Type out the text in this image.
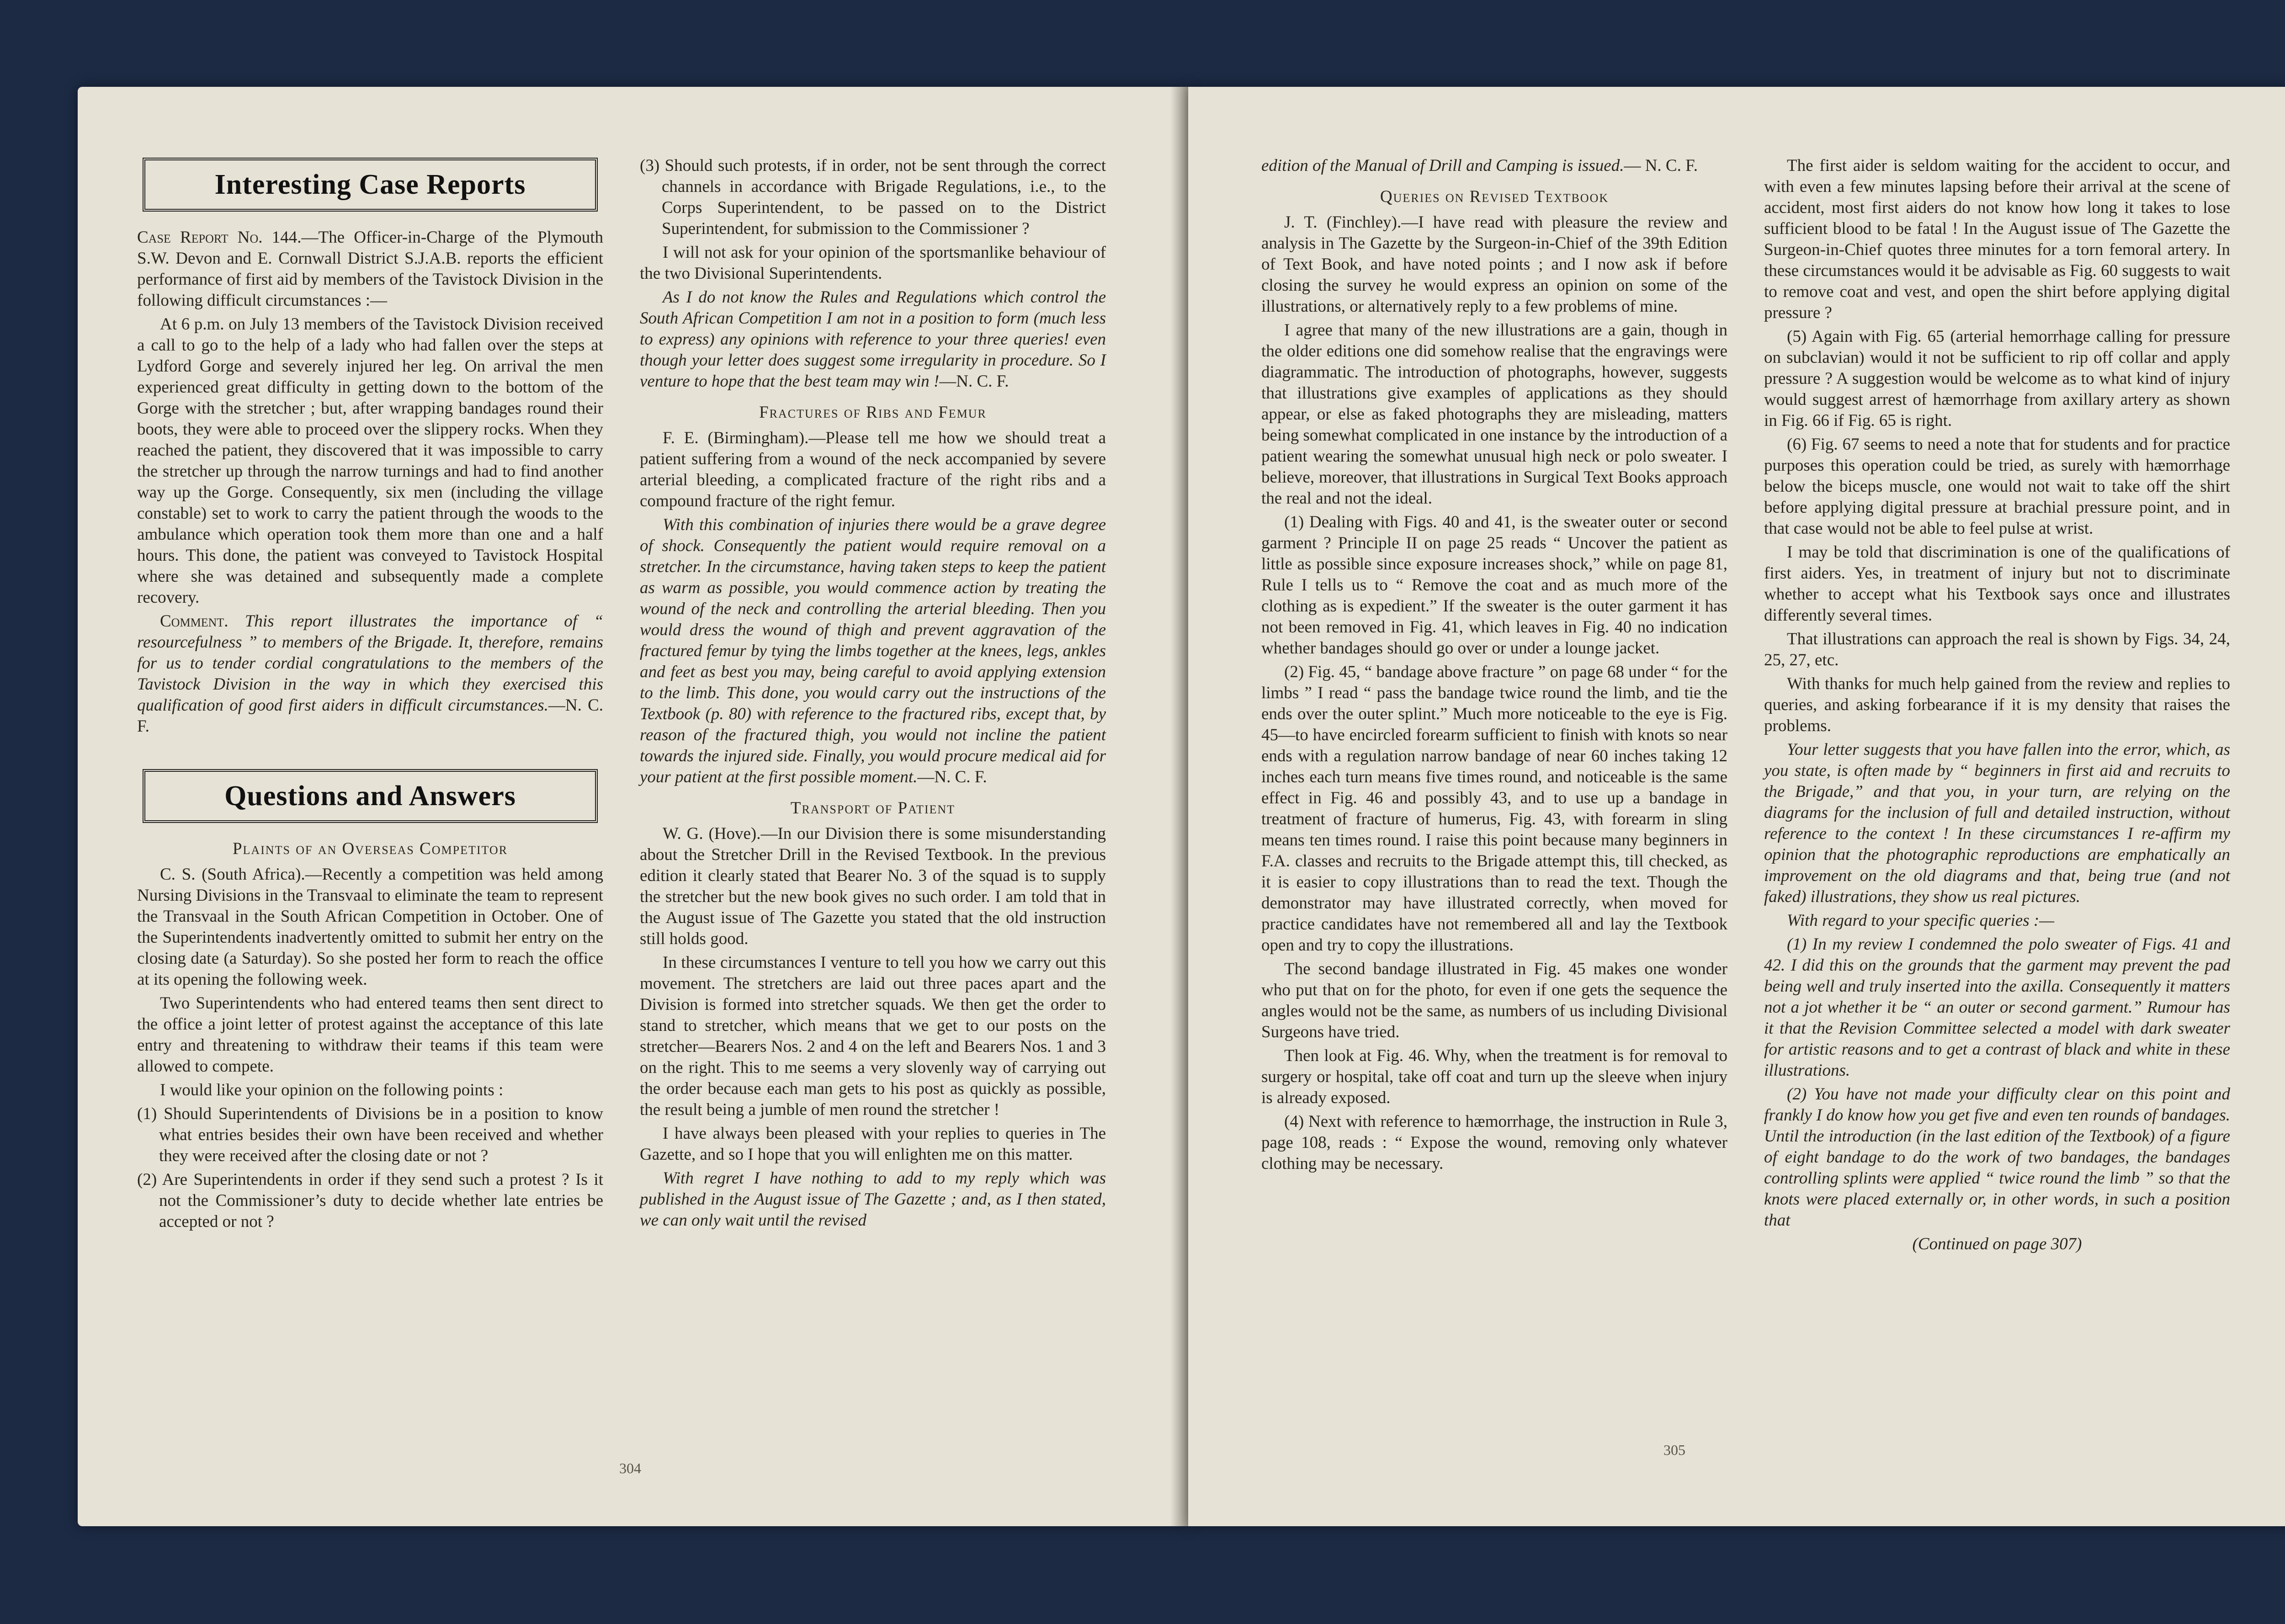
Interesting Case Reports

Case Report No. 144.—The Officer-in-Charge of the Plymouth S.W. Devon and E. Cornwall District S.J.A.B. reports the efficient performance of first aid by members of the Tavistock Division in the following difficult circumstances :—

At 6 p.m. on July 13 members of the Tavistock Division received a call to go to the help of a lady who had fallen over the steps at Lydford Gorge and severely injured her leg. On arrival the men experienced great difficulty in getting down to the bottom of the Gorge with the stretcher ; but, after wrapping bandages round their boots, they were able to proceed over the slippery rocks. When they reached the patient, they discovered that it was impossible to carry the stretcher up through the narrow turnings and had to find another way up the Gorge. Consequently, six men (including the village constable) set to work to carry the patient through the woods to the ambulance which operation took them more than one and a half hours. This done, the patient was conveyed to Tavistock Hospital where she was detained and subsequently made a complete recovery.

Comment. This report illustrates the importance of “ resourcefulness ” to members of the Brigade. It, therefore, remains for us to tender cordial congratulations to the members of the Tavistock Division in the way in which they exercised this qualification of good first aiders in difficult circumstances.—N. C. F.

Questions and Answers
Plaints of an Overseas Competitor

C. S. (South Africa).—Recently a competition was held among Nursing Divisions in the Transvaal to eliminate the team to represent the Transvaal in the South African Competition in October. One of the Superintendents inadvertently omitted to submit her entry on the closing date (a Saturday). So she posted her form to reach the office at its opening the following week.

Two Superintendents who had entered teams then sent direct to the office a joint letter of protest against the acceptance of this late entry and threatening to withdraw their teams if this team were allowed to compete.

I would like your opinion on the following points :

(1) Should Superintendents of Divisions be in a position to know what entries besides their own have been received and whether they were received after the closing date or not ?

(2) Are Superintendents in order if they send such a protest ? Is it not the Commissioner’s duty to decide whether late entries be accepted or not ?

(3) Should such protests, if in order, not be sent through the correct channels in accordance with Brigade Regulations, i.e., to the Corps Superintendent, to be passed on to the District Superintendent, for submission to the Commissioner ?

I will not ask for your opinion of the sportsmanlike behaviour of the two Divisional Superintendents.

As I do not know the Rules and Regulations which control the South African Competition I am not in a position to form (much less to express) any opinions with reference to your three queries! even though your letter does suggest some irregularity in procedure. So I venture to hope that the best team may win !—N. C. F.

Fractures of Ribs and Femur

F. E. (Birmingham).—Please tell me how we should treat a patient suffering from a wound of the neck accompanied by severe arterial bleeding, a complicated fracture of the right ribs and a compound fracture of the right femur.

With this combination of injuries there would be a grave degree of shock. Consequently the patient would require removal on a stretcher. In the circumstance, having taken steps to keep the patient as warm as possible, you would commence action by treating the wound of the neck and controlling the arterial bleeding. Then you would dress the wound of thigh and prevent aggravation of the fractured femur by tying the limbs together at the knees, legs, ankles and feet as best you may, being careful to avoid applying extension to the limb. This done, you would carry out the instructions of the Textbook (p. 80) with reference to the fractured ribs, except that, by reason of the fractured thigh, you would not incline the patient towards the injured side. Finally, you would procure medical aid for your patient at the first possible moment.—N. C. F.

Transport of Patient

W. G. (Hove).—In our Division there is some misunderstanding about the Stretcher Drill in the Revised Textbook. In the previous edition it clearly stated that Bearer No. 3 of the squad is to supply the stretcher but the new book gives no such order. I am told that in the August issue of The Gazette you stated that the old instruction still holds good.

In these circumstances I venture to tell you how we carry out this movement. The stretchers are laid out three paces apart and the Division is formed into stretcher squads. We then get the order to stand to stretcher, which means that we get to our posts on the stretcher—Bearers Nos. 2 and 4 on the left and Bearers Nos. 1 and 3 on the right. This to me seems a very slovenly way of carrying out the order because each man gets to his post as quickly as possible, the result being a jumble of men round the stretcher !

I have always been pleased with your replies to queries in The Gazette, and so I hope that you will enlighten me on this matter.

With regret I have nothing to add to my reply which was published in the August issue of The Gazette ; and, as I then stated, we can only wait until the revised

304

edition of the Manual of Drill and Camping is issued.— N. C. F.

Queries on Revised Textbook

J. T. (Finchley).—I have read with pleasure the review and analysis in The Gazette by the Surgeon-in-Chief of the 39th Edition of Text Book, and have noted points ; and I now ask if before closing the survey he would express an opinion on some of the illustrations, or alternatively reply to a few problems of mine.

I agree that many of the new illustrations are a gain, though in the older editions one did somehow realise that the engravings were diagrammatic. The introduction of photographs, however, suggests that illustrations give examples of applications as they should appear, or else as faked photographs they are misleading, matters being somewhat complicated in one instance by the introduction of a patient wearing the somewhat unusual high neck or polo sweater. I believe, moreover, that illustrations in Surgical Text Books approach the real and not the ideal.

(1) Dealing with Figs. 40 and 41, is the sweater outer or second garment ? Principle II on page 25 reads “ Uncover the patient as little as possible since exposure increases shock,” while on page 81, Rule I tells us to “ Remove the coat and as much more of the clothing as is expedient.” If the sweater is the outer garment it has not been removed in Fig. 41, which leaves in Fig. 40 no indication whether bandages should go over or under a lounge jacket.

(2) Fig. 45, “ bandage above fracture ” on page 68 under “ for the limbs ” I read “ pass the bandage twice round the limb, and tie the ends over the outer splint.” Much more noticeable to the eye is Fig. 45—to have encircled forearm sufficient to finish with knots so near ends with a regulation narrow bandage of near 60 inches taking 12 inches each turn means five times round, and noticeable is the same effect in Fig. 46 and possibly 43, and to use up a bandage in treatment of fracture of humerus, Fig. 43, with forearm in sling means ten times round. I raise this point because many beginners in F.A. classes and recruits to the Brigade attempt this, till checked, as it is easier to copy illustrations than to read the text. Though the demonstrator may have illustrated correctly, when moved for practice candidates have not remembered all and lay the Textbook open and try to copy the illustrations.

The second bandage illustrated in Fig. 45 makes one wonder who put that on for the photo, for even if one gets the sequence the angles would not be the same, as numbers of us including Divisional Surgeons have tried.

Then look at Fig. 46. Why, when the treatment is for removal to surgery or hospital, take off coat and turn up the sleeve when injury is already exposed.

(4) Next with reference to hæmorrhage, the instruction in Rule 3, page 108, reads : “ Expose the wound, removing only whatever clothing may be necessary.

The first aider is seldom waiting for the accident to occur, and with even a few minutes lapsing before their arrival at the scene of accident, most first aiders do not know how long it takes to lose sufficient blood to be fatal ! In the August issue of The Gazette the Surgeon-in-Chief quotes three minutes for a torn femoral artery. In these circumstances would it be advisable as Fig. 60 suggests to wait to remove coat and vest, and open the shirt before applying digital pressure ?

(5) Again with Fig. 65 (arterial hemorrhage calling for pressure on subclavian) would it not be sufficient to rip off collar and apply pressure ? A suggestion would be welcome as to what kind of injury would suggest arrest of hæmorrhage from axillary artery as shown in Fig. 66 if Fig. 65 is right.

(6) Fig. 67 seems to need a note that for students and for practice purposes this operation could be tried, as surely with hæmorrhage below the biceps muscle, one would not wait to take off the shirt before applying digital pressure at brachial pressure point, and in that case would not be able to feel pulse at wrist.

I may be told that discrimination is one of the qualifications of first aiders. Yes, in treatment of injury but not to discriminate whether to accept what his Textbook says once and illustrates differently several times.

That illustrations can approach the real is shown by Figs. 34, 24, 25, 27, etc.

With thanks for much help gained from the review and replies to queries, and asking forbearance if it is my density that raises the problems.

Your letter suggests that you have fallen into the error, which, as you state, is often made by “ beginners in first aid and recruits to the Brigade,” and that you, in your turn, are relying on the diagrams for the inclusion of full and detailed instruction, without reference to the context ! In these circumstances I re-affirm my opinion that the photographic reproductions are emphatically an improvement on the old diagrams and that, being true (and not faked) illustrations, they show us real pictures.

With regard to your specific queries :—

(1) In my review I condemned the polo sweater of Figs. 41 and 42. I did this on the grounds that the garment may prevent the pad being well and truly inserted into the axilla. Consequently it matters not a jot whether it be “ an outer or second garment.” Rumour has it that the Revision Committee selected a model with dark sweater for artistic reasons and to get a contrast of black and white in these illustrations.

(2) You have not made your difficulty clear on this point and frankly I do know how you get five and even ten rounds of bandages. Until the introduction (in the last edition of the Textbook) of a figure of eight bandage to do the work of two bandages, the bandages controlling splints were applied “ twice round the limb ” so that the knots were placed externally or, in other words, in such a position that

(Continued on page 307)

305
